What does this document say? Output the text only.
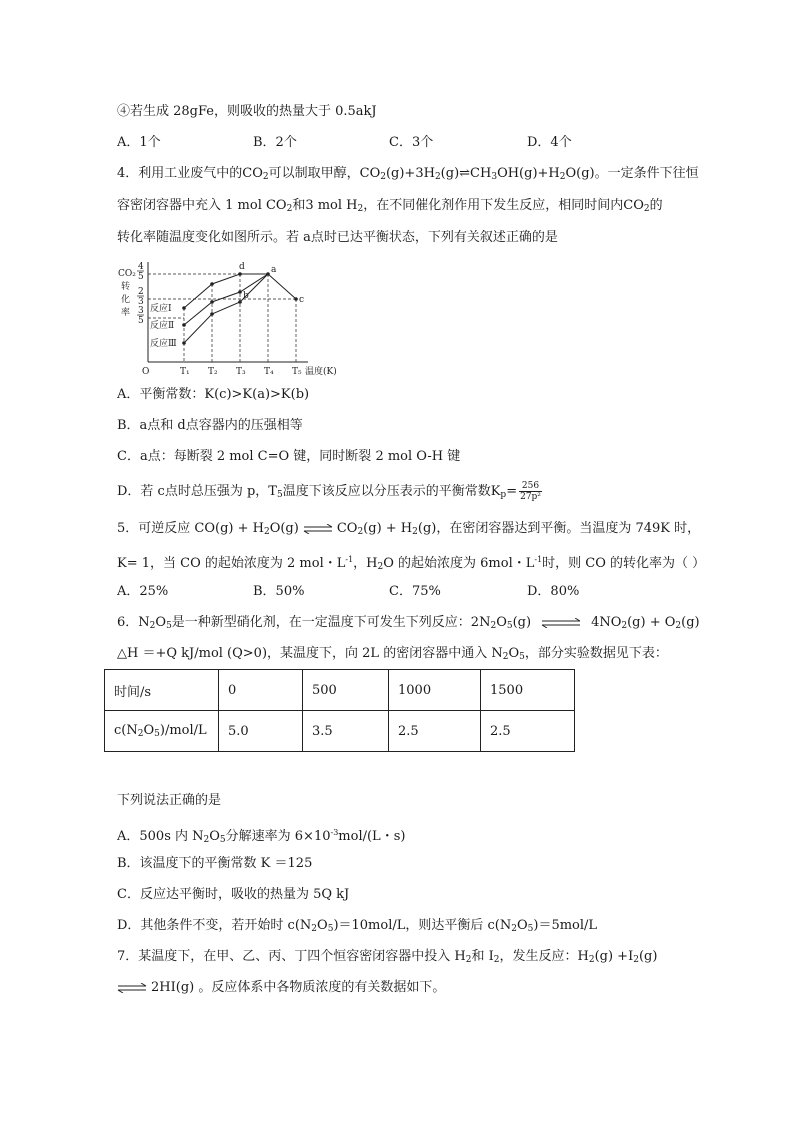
④若生成 28gFe，则吸收的热量大于 0.5akJ
A．1个	B．2个	C．3个	D．4个
4．利用工业废气中的$CO_2$可以制取甲醇，$CO_2(g)+3H_2(g)\rightleftharpoons CH_3OH(g)+H_2O(g)$。一定条件下往恒
容密闭容器中充入 1 mol $CO_2$和3 mol $H_2$，在不同催化剂作用下发生反应，相同时间内$CO_2$的
转化率随温度变化如图所示。若 a点时已达平衡状态，下列有关叙述正确的是
CO₂
转
化
率
4
5
2
3
3
5
d	a
b	c
反应Ⅰ
反应Ⅱ
反应Ⅲ
O	T₁ T₂ T₃ T₄ T₅ 温度(K)
A．平衡常数：K(c)>K(a)>K(b)
B．a点和 d点容器内的压强相等
C．a点：每断裂 2 mol C=O 键，同时断裂 2 mol O-H 键
D．若 c点时总压强为 p，$T_5$温度下该反应以分压表示的平衡常数$K_p= \frac{256}{\text{27p²}}$
5．可逆反应 $CO(g) + H_2O(g)$ ⇌ $CO_2(g) + H_2(g)$，在密闭容器达到平衡。当温度为 749K 时，
K= 1，当 CO 的起始浓度为 2 mol・$L^{-1}$，$H_2O$ 的起始浓度为 6mol・$L^{-1}$时，则 CO 的转化率为（ ）
A．25%	B．50%	C．75%	D．80%
6．$N_2O_5$是一种新型硝化剂，在一定温度下可发生下列反应：$2N_2O_5(g)$ ⇌ $4NO_2(g) + O_2(g)$
△H ＝+Q kJ/mol (Q>0)，某温度下，向 2L 的密闭容器中通入 $N_2O_5$，部分实验数据见下表：
时间/s	0	500	1000	1500
$c(N_2O_5)/mol/L$	5.0	3.5	2.5	2.5
下列说法正确的是
A．500s 内 $N_2O_5$分解速率为 $6\times 10^{-3}mol/(L$・s)
B．该温度下的平衡常数 K ＝125
C．反应达平衡时，吸收的热量为 5Q kJ
D．其他条件不变，若开始时 $c(N_2O_5)=10mol/L$，则达平衡后 $c(N_2O_5)=5mol/L$
7．某温度下，在甲、乙、丙、丁四个恒容密闭容器中投入 $H_2$和 $I_2$，发生反应：$H_2(g) +I_2(g)$
⇌ 2HI(g) 。反应体系中各物质浓度的有关数据如下。
